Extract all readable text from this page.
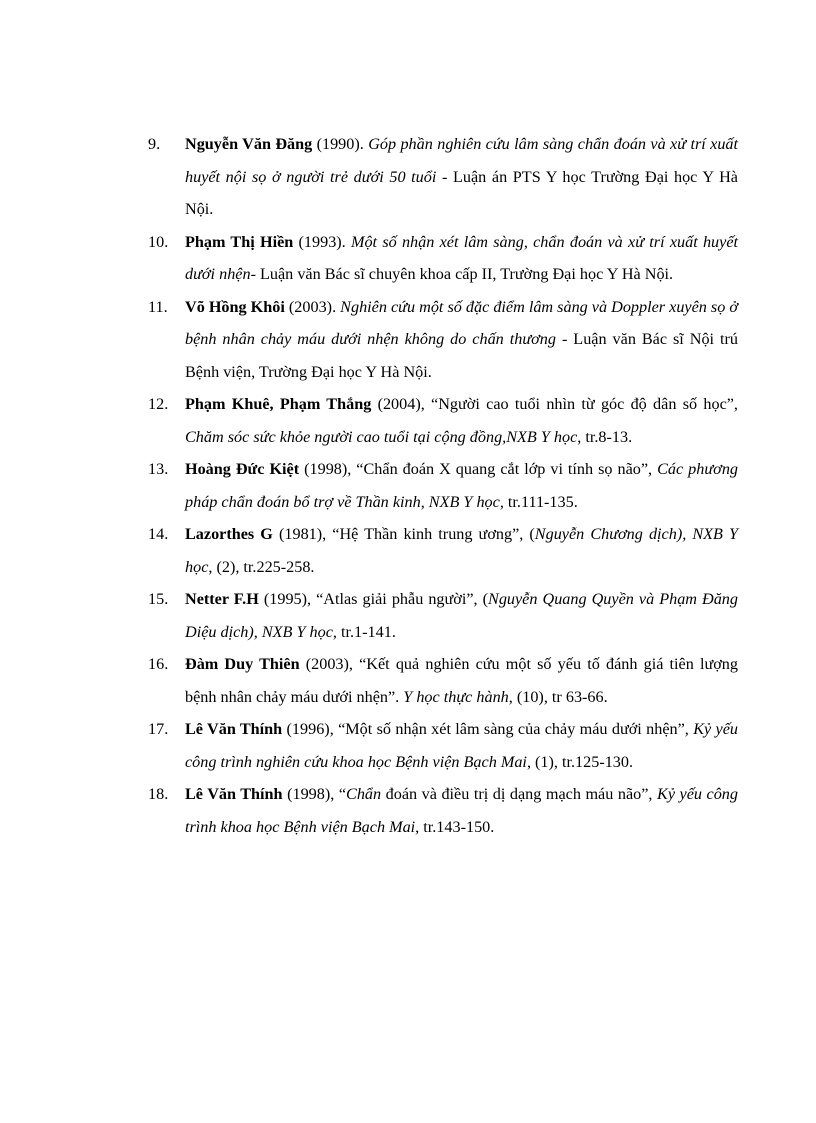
9. Nguyễn Văn Đăng (1990). Góp phần nghiên cứu lâm sàng chẩn đoán và xử trí xuất huyết nội sọ ở người trẻ dưới 50 tuổi - Luận án PTS Y học Trường Đại học Y Hà Nội.
10. Phạm Thị Hiền (1993). Một số nhận xét lâm sàng, chẩn đoán và xử trí xuất huyết dưới nhện- Luận văn Bác sĩ chuyên khoa cấp II, Trường Đại học Y Hà Nội.
11. Võ Hồng Khôi (2003). Nghiên cứu một số đặc điểm lâm sàng và Doppler xuyên sọ ở bệnh nhân chảy máu dưới nhện không do chấn thương - Luận văn Bác sĩ Nội trú Bệnh viện, Trường Đại học Y Hà Nội.
12. Phạm Khuê, Phạm Thắng (2004), “Người cao tuổi nhìn từ góc độ dân số học”, Chăm sóc sức khỏe người cao tuổi tại cộng đồng,NXB Y học, tr.8-13.
13. Hoàng Đức Kiệt (1998), “Chẩn đoán X quang cắt lớp vi tính sọ não”, Các phương pháp chẩn đoán bổ trợ về Thần kinh, NXB Y học, tr.111-135.
14. Lazorthes G (1981), “Hệ Thần kinh trung ương”, (Nguyễn Chương dịch), NXB Y học, (2), tr.225-258.
15. Netter F.H (1995), “Atlas giải phẫu người”, (Nguyễn Quang Quyền và Phạm Đăng Diệu dịch), NXB Y học, tr.1-141.
16. Đàm Duy Thiên (2003), “Kết quả nghiên cứu một số yếu tố đánh giá tiên lượng bệnh nhân chảy máu dưới nhện”. Y học thực hành, (10), tr 63-66.
17. Lê Văn Thính (1996), “Một số nhận xét lâm sàng của chảy máu dưới nhện”, Kỷ yếu công trình nghiên cứu khoa học Bệnh viện Bạch Mai, (1), tr.125-130.
18. Lê Văn Thính (1998), “Chẩn đoán và điều trị dị dạng mạch máu não”, Kỷ yếu công trình khoa học Bệnh viện Bạch Mai, tr.143-150.
